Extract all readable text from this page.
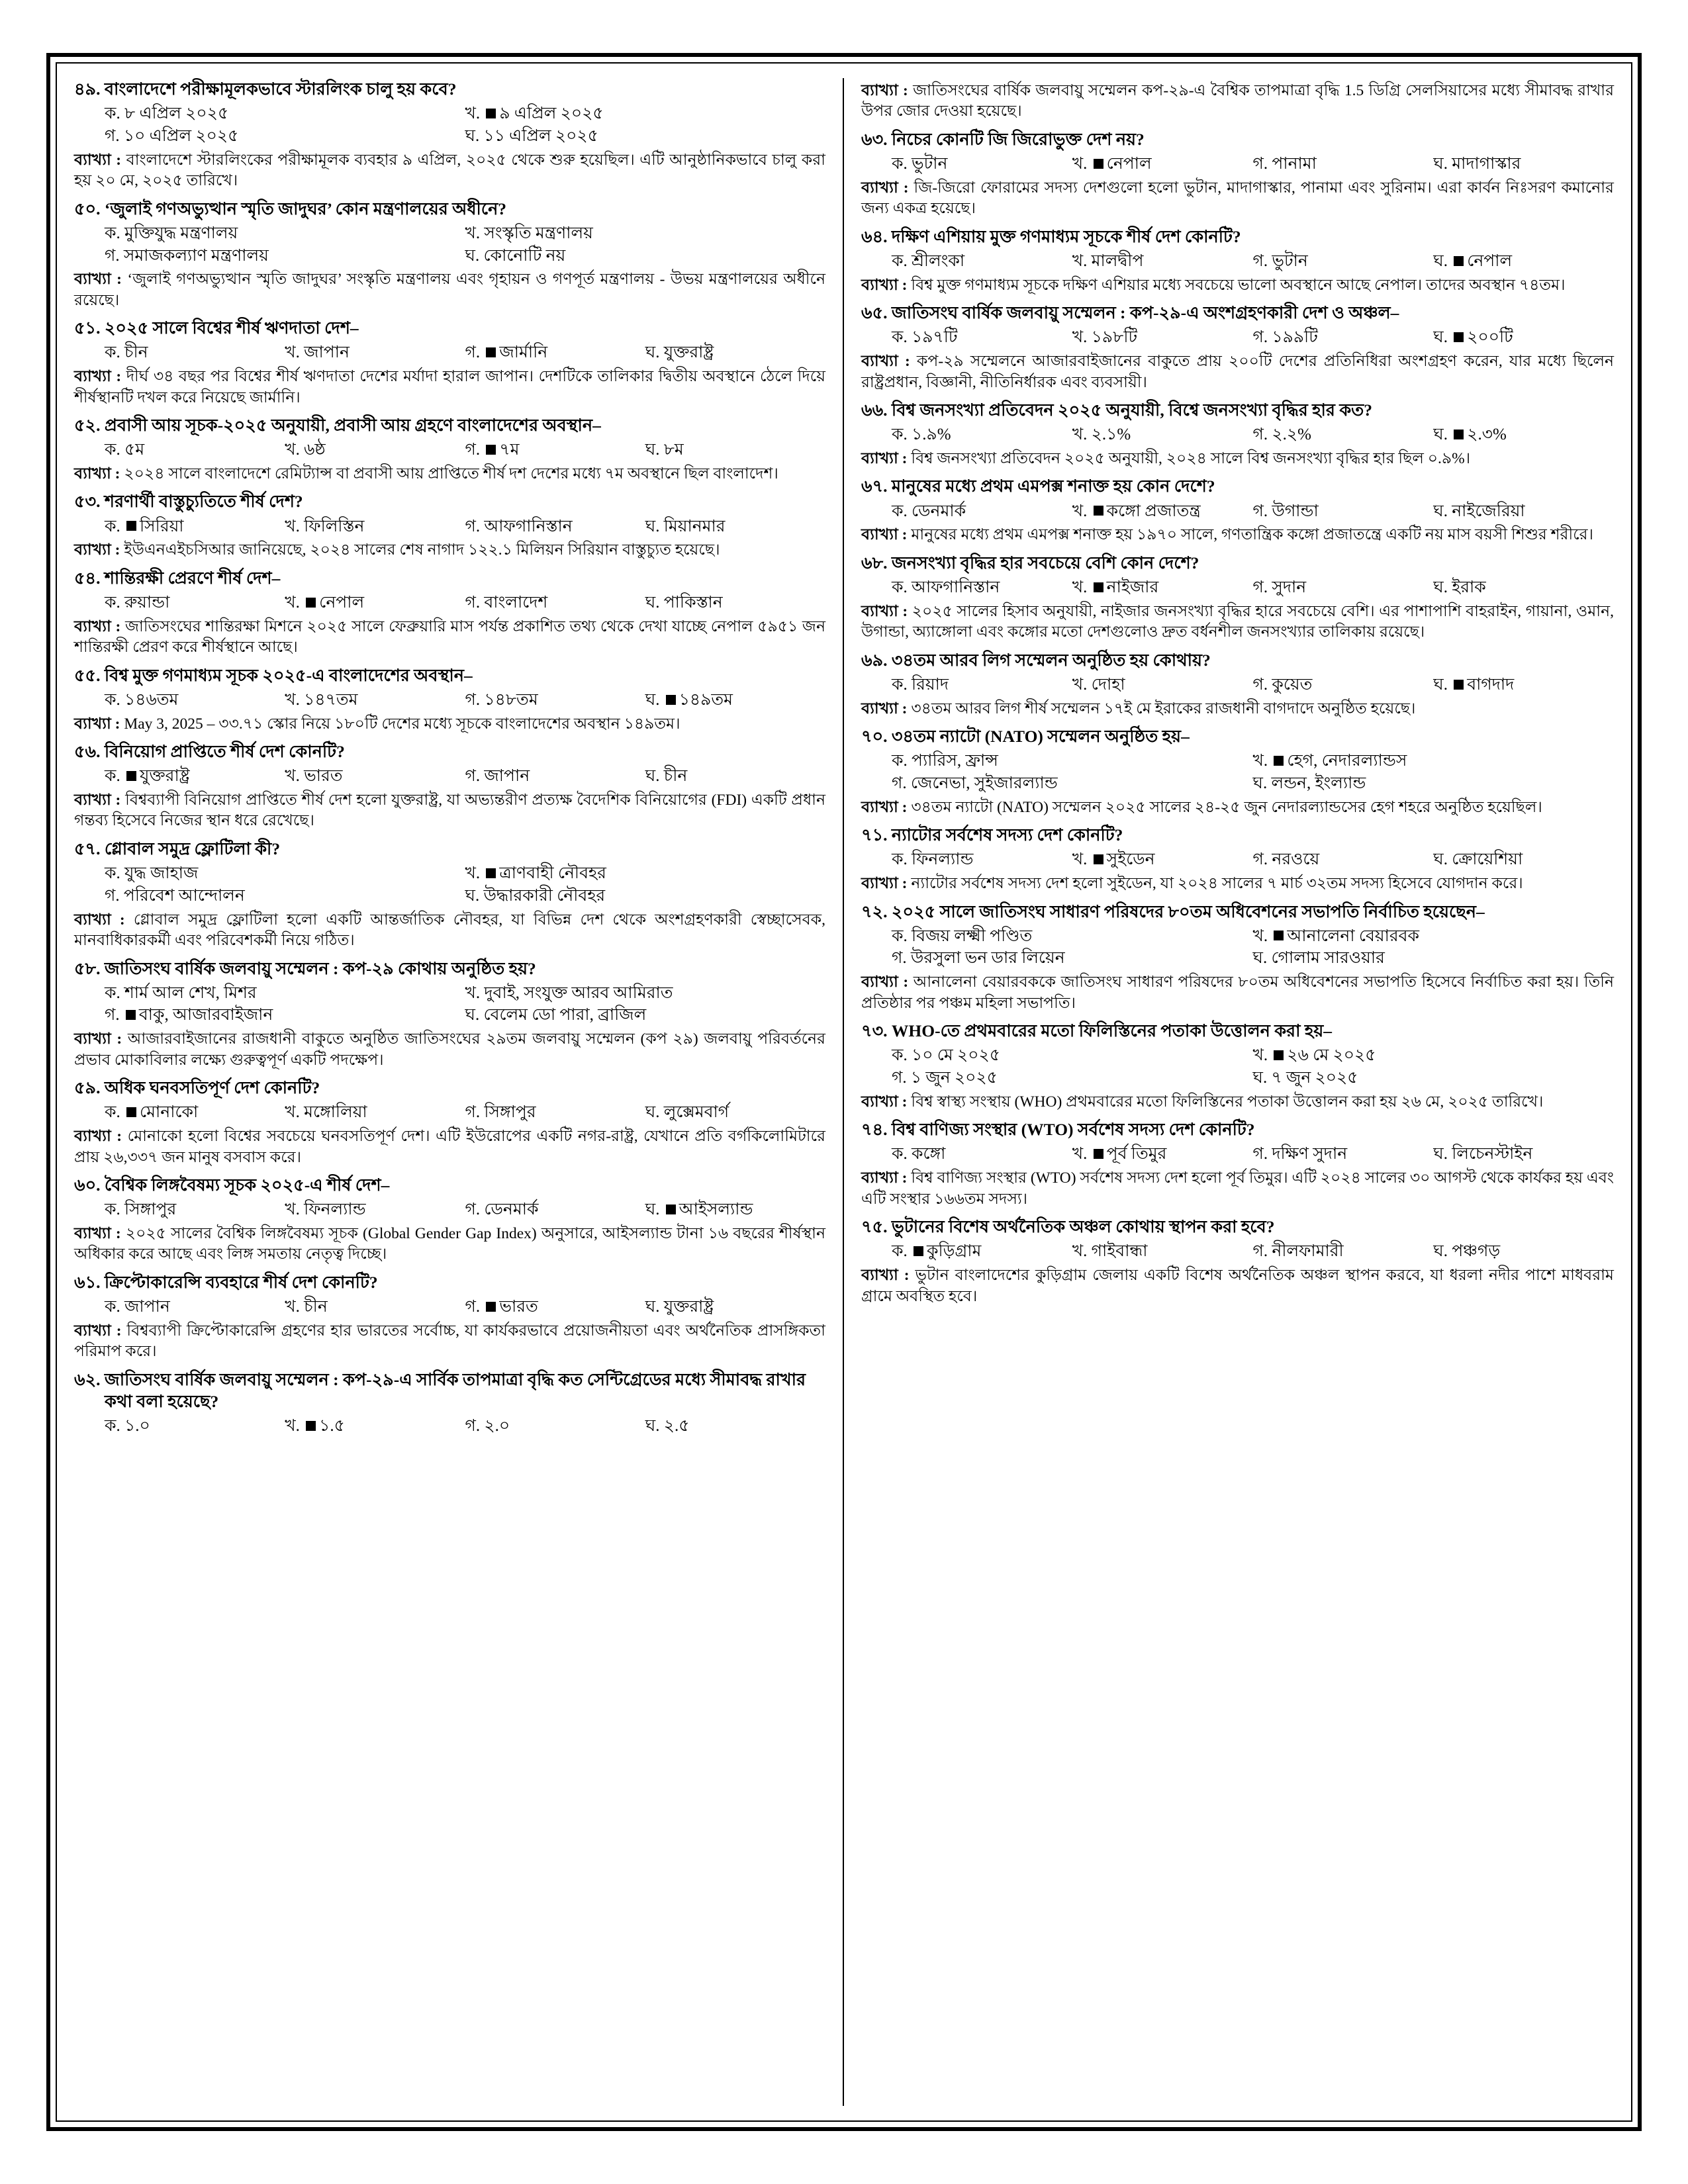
৪৯. বাংলাদেশে পরীক্ষামূলকভাবে স্টারলিংক চালু হয় কবে?
ক. ৮ এপ্রিল ২০২৫	খ. ৯ এপ্রিল ২০২৫
গ. ১০ এপ্রিল ২০২৫	ঘ. ১১ এপ্রিল ২০২৫
ব্যাখ্যা : বাংলাদেশে স্টারলিংকের পরীক্ষামূলক ব্যবহার ৯ এপ্রিল, ২০২৫ থেকে শুরু হয়েছিল। এটি আনুষ্ঠানিকভাবে চালু করা হয় ২০ মে, ২০২৫ তারিখে।
৫০. ‘জুলাই গণঅভ্যুত্থান স্মৃতি জাদুঘর’ কোন মন্ত্রণালয়ের অধীনে?
ক. মুক্তিযুদ্ধ মন্ত্রণালয়	খ. সংস্কৃতি মন্ত্রণালয়
গ. সমাজকল্যাণ মন্ত্রণালয়	ঘ. কোনোটি নয়
ব্যাখ্যা : ‘জুলাই গণঅভ্যুত্থান স্মৃতি জাদুঘর’ সংস্কৃতি মন্ত্রণালয় এবং গৃহায়ন ও গণপূর্ত মন্ত্রণালয় - উভয় মন্ত্রণালয়ের অধীনে রয়েছে।
৫১. ২০২৫ সালে বিশ্বের শীর্ষ ঋণদাতা দেশ–
ক. চীন	খ. জাপান	গ. জার্মানি	ঘ. যুক্তরাষ্ট্র
ব্যাখ্যা : দীর্ঘ ৩৪ বছর পর বিশ্বের শীর্ষ ঋণদাতা দেশের মর্যাদা হারাল জাপান। দেশটিকে তালিকার দ্বিতীয় অবস্থানে ঠেলে দিয়ে শীর্ষস্থানটি দখল করে নিয়েছে জার্মানি।
৫২. প্রবাসী আয় সূচক-২০২৫ অনুযায়ী, প্রবাসী আয় গ্রহণে বাংলাদেশের অবস্থান–
ক. ৫ম	খ. ৬ষ্ঠ	গ. ৭ম	ঘ. ৮ম
ব্যাখ্যা : ২০২৪ সালে বাংলাদেশে রেমিট্যান্স বা প্রবাসী আয় প্রাপ্তিতে শীর্ষ দশ দেশের মধ্যে ৭ম অবস্থানে ছিল বাংলাদেশ।
৫৩. শরণার্থী বাস্তুচ্যুতিতে শীর্ষ দেশ?
ক. সিরিয়া	খ. ফিলিস্তিন	গ. আফগানিস্তান	ঘ. মিয়ানমার
ব্যাখ্যা : ইউএনএইচসিআর জানিয়েছে, ২০২৪ সালের শেষ নাগাদ ১২২.১ মিলিয়ন সিরিয়ান বাস্তুচ্যুত হয়েছে।
৫৪. শান্তিরক্ষী প্রেরণে শীর্ষ দেশ–
ক. রুয়ান্ডা	খ. নেপাল	গ. বাংলাদেশ	ঘ. পাকিস্তান
ব্যাখ্যা : জাতিসংঘের শান্তিরক্ষা মিশনে ২০২৫ সালে ফেব্রুয়ারি মাস পর্যন্ত প্রকাশিত তথ্য থেকে দেখা যাচ্ছে নেপাল ৫৯৫১ জন শান্তিরক্ষী প্রেরণ করে শীর্ষস্থানে আছে।
৫৫. বিশ্ব মুক্ত গণমাধ্যম সূচক ২০২৫-এ বাংলাদেশের অবস্থান–
ক. ১৪৬তম	খ. ১৪৭তম	গ. ১৪৮তম	ঘ. ১৪৯তম
ব্যাখ্যা : May 3, 2025 – ৩৩.৭১ স্কোর নিয়ে ১৮০টি দেশের মধ্যে সূচকে বাংলাদেশের অবস্থান ১৪৯তম।
৫৬. বিনিয়োগ প্রাপ্তিতে শীর্ষ দেশ কোনটি?
ক. যুক্তরাষ্ট্র	খ. ভারত	গ. জাপান	ঘ. চীন
ব্যাখ্যা : বিশ্বব্যাপী বিনিয়োগ প্রাপ্তিতে শীর্ষ দেশ হলো যুক্তরাষ্ট্র, যা অভ্যন্তরীণ প্রত্যক্ষ বৈদেশিক বিনিয়োগের (FDI) একটি প্রধান গন্তব্য হিসেবে নিজের স্থান ধরে রেখেছে।
৫৭. গ্লোবাল সমুদ্র ফ্লোটিলা কী?
ক. যুদ্ধ জাহাজ	খ. ত্রাণবাহী নৌবহর
গ. পরিবেশ আন্দোলন	ঘ. উদ্ধারকারী নৌবহর
ব্যাখ্যা : গ্লোবাল সমুদ্র ফ্লোটিলা হলো একটি আন্তর্জাতিক নৌবহর, যা বিভিন্ন দেশ থেকে অংশগ্রহণকারী স্বেচ্ছাসেবক, মানবাধিকারকর্মী এবং পরিবেশকর্মী নিয়ে গঠিত।
৫৮. জাতিসংঘ বার্ষিক জলবায়ু সম্মেলন : কপ-২৯ কোথায় অনুষ্ঠিত হয়?
ক. শার্ম আল শেখ, মিশর	খ. দুবাই, সংযুক্ত আরব আমিরাত
গ. বাকু, আজারবাইজান	ঘ. বেলেম ডো পারা, ব্রাজিল
ব্যাখ্যা : আজারবাইজানের রাজধানী বাকুতে অনুষ্ঠিত জাতিসংঘের ২৯তম জলবায়ু সম্মেলন (কপ ২৯) জলবায়ু পরিবর্তনের প্রভাব মোকাবিলার লক্ষ্যে গুরুত্বপূর্ণ একটি পদক্ষেপ।
৫৯. অধিক ঘনবসতিপূর্ণ দেশ কোনটি?
ক. মোনাকো	খ. মঙ্গোলিয়া	গ. সিঙ্গাপুর	ঘ. লুক্সেমবার্গ
ব্যাখ্যা : মোনাকো হলো বিশ্বের সবচেয়ে ঘনবসতিপূর্ণ দেশ। এটি ইউরোপের একটি নগর-রাষ্ট্র, যেখানে প্রতি বর্গকিলোমিটারে প্রায় ২৬,৩৩৭ জন মানুষ বসবাস করে।
৬০. বৈশ্বিক লিঙ্গবৈষম্য সূচক ২০২৫-এ শীর্ষ দেশ–
ক. সিঙ্গাপুর	খ. ফিনল্যান্ড	গ. ডেনমার্ক	ঘ. আইসল্যান্ড
ব্যাখ্যা : ২০২৫ সালের বৈশ্বিক লিঙ্গবৈষম্য সূচক (Global Gender Gap Index) অনুসারে, আইসল্যান্ড টানা ১৬ বছরের শীর্ষস্থান অধিকার করে আছে এবং লিঙ্গ সমতায় নেতৃত্ব দিচ্ছে।
৬১. ক্রিপ্টোকারেন্সি ব্যবহারে শীর্ষ দেশ কোনটি?
ক. জাপান	খ. চীন	গ. ভারত	ঘ. যুক্তরাষ্ট্র
ব্যাখ্যা : বিশ্বব্যাপী ক্রিপ্টোকারেন্সি গ্রহণের হার ভারতের সর্বোচ্চ, যা কার্যকরভাবে প্রয়োজনীয়তা এবং অর্থনৈতিক প্রাসঙ্গিকতা পরিমাপ করে।
৬২. জাতিসংঘ বার্ষিক জলবায়ু সম্মেলন : কপ-২৯-এ সার্বিক তাপমাত্রা বৃদ্ধি কত সেন্টিগ্রেডের মধ্যে সীমাবদ্ধ রাখার কথা বলা হয়েছে?
ক. ১.০	খ. ১.৫	গ. ২.০	ঘ. ২.৫
ব্যাখ্যা : জাতিসংঘের বার্ষিক জলবায়ু সম্মেলন কপ-২৯-এ বৈশ্বিক তাপমাত্রা বৃদ্ধি 1.5 ডিগ্রি সেলসিয়াসের মধ্যে সীমাবদ্ধ রাখার উপর জোর দেওয়া হয়েছে।
৬৩. নিচের কোনটি জি জিরোভুক্ত দেশ নয়?
ক. ভুটান	খ. নেপাল	গ. পানামা	ঘ. মাদাগাস্কার
ব্যাখ্যা : জি-জিরো ফোরামের সদস্য দেশগুলো হলো ভুটান, মাদাগাস্কার, পানামা এবং সুরিনাম। এরা কার্বন নিঃসরণ কমানোর জন্য একত্র হয়েছে।
৬৪. দক্ষিণ এশিয়ায় মুক্ত গণমাধ্যম সূচকে শীর্ষ দেশ কোনটি?
ক. শ্রীলংকা	খ. মালদ্বীপ	গ. ভুটান	ঘ. নেপাল
ব্যাখ্যা : বিশ্ব মুক্ত গণমাধ্যম সূচকে দক্ষিণ এশিয়ার মধ্যে সবচেয়ে ভালো অবস্থানে আছে নেপাল। তাদের অবস্থান ৭৪তম।
৬৫. জাতিসংঘ বার্ষিক জলবায়ু সম্মেলন : কপ-২৯-এ অংশগ্রহণকারী দেশ ও অঞ্চল–
ক. ১৯৭টি	খ. ১৯৮টি	গ. ১৯৯টি	ঘ. ২০০টি
ব্যাখ্যা : কপ-২৯ সম্মেলনে আজারবাইজানের বাকুতে প্রায় ২০০টি দেশের প্রতিনিধিরা অংশগ্রহণ করেন, যার মধ্যে ছিলেন রাষ্ট্রপ্রধান, বিজ্ঞানী, নীতিনির্ধারক এবং ব্যবসায়ী।
৬৬. বিশ্ব জনসংখ্যা প্রতিবেদন ২০২৫ অনুযায়ী, বিশ্বে জনসংখ্যা বৃদ্ধির হার কত?
ক. ১.৯%	খ. ২.১%	গ. ২.২%	ঘ. ২.৩%
ব্যাখ্যা : বিশ্ব জনসংখ্যা প্রতিবেদন ২০২৫ অনুযায়ী, ২০২৪ সালে বিশ্ব জনসংখ্যা বৃদ্ধির হার ছিল ০.৯%।
৬৭. মানুষের মধ্যে প্রথম এমপক্স শনাক্ত হয় কোন দেশে?
ক. ডেনমার্ক	খ. কঙ্গো প্রজাতন্ত্র	গ. উগান্ডা	ঘ. নাইজেরিয়া
ব্যাখ্যা : মানুষের মধ্যে প্রথম এমপক্স শনাক্ত হয় ১৯৭০ সালে, গণতান্ত্রিক কঙ্গো প্রজাতন্ত্রে একটি নয় মাস বয়সী শিশুর শরীরে।
৬৮. জনসংখ্যা বৃদ্ধির হার সবচেয়ে বেশি কোন দেশে?
ক. আফগানিস্তান	খ. নাইজার	গ. সুদান	ঘ. ইরাক
ব্যাখ্যা : ২০২৫ সালের হিসাব অনুযায়ী, নাইজার জনসংখ্যা বৃদ্ধির হারে সবচেয়ে বেশি। এর পাশাপাশি বাহরাইন, গায়ানা, ওমান, উগান্ডা, অ্যাঙ্গোলা এবং কঙ্গোর মতো দেশগুলোও দ্রুত বর্ধনশীল জনসংখ্যার তালিকায় রয়েছে।
৬৯. ৩৪তম আরব লিগ সম্মেলন অনুষ্ঠিত হয় কোথায়?
ক. রিয়াদ	খ. দোহা	গ. কুয়েত	ঘ. বাগদাদ
ব্যাখ্যা : ৩৪তম আরব লিগ শীর্ষ সম্মেলন ১৭ই মে ইরাকের রাজধানী বাগদাদে অনুষ্ঠিত হয়েছে।
৭০. ৩৪তম ন্যাটো (NATO) সম্মেলন অনুষ্ঠিত হয়–
ক. প্যারিস, ফ্রান্স	খ. হেগ, নেদারল্যান্ডস
গ. জেনেভা, সুইজারল্যান্ড	ঘ. লন্ডন, ইংল্যান্ড
ব্যাখ্যা : ৩৪তম ন্যাটো (NATO) সম্মেলন ২০২৫ সালের ২৪-২৫ জুন নেদারল্যান্ডসের হেগ শহরে অনুষ্ঠিত হয়েছিল।
৭১. ন্যাটোর সর্বশেষ সদস্য দেশ কোনটি?
ক. ফিনল্যান্ড	খ. সুইডেন	গ. নরওয়ে	ঘ. ক্রোয়েশিয়া
ব্যাখ্যা : ন্যাটোর সর্বশেষ সদস্য দেশ হলো সুইডেন, যা ২০২৪ সালের ৭ মার্চ ৩২তম সদস্য হিসেবে যোগদান করে।
৭২. ২০২৫ সালে জাতিসংঘ সাধারণ পরিষদের ৮০তম অধিবেশনের সভাপতি নির্বাচিত হয়েছেন–
ক. বিজয় লক্ষ্মী পণ্ডিত	খ. আনালেনা বেয়ারবক
গ. উরসুলা ভন ডার লিয়েন	ঘ. গোলাম সারওয়ার
ব্যাখ্যা : আনালেনা বেয়ারবককে জাতিসংঘ সাধারণ পরিষদের ৮০তম অধিবেশনের সভাপতি হিসেবে নির্বাচিত করা হয়। তিনি প্রতিষ্ঠার পর পঞ্চম মহিলা সভাপতি।
৭৩. WHO-তে প্রথমবারের মতো ফিলিস্তিনের পতাকা উত্তোলন করা হয়–
ক. ১০ মে ২০২৫	খ. ২৬ মে ২০২৫
গ. ১ জুন ২০২৫	ঘ. ৭ জুন ২০২৫
ব্যাখ্যা : বিশ্ব স্বাস্থ্য সংস্থায় (WHO) প্রথমবারের মতো ফিলিস্তিনের পতাকা উত্তোলন করা হয় ২৬ মে, ২০২৫ তারিখে।
৭৪. বিশ্ব বাণিজ্য সংস্থার (WTO) সর্বশেষ সদস্য দেশ কোনটি?
ক. কঙ্গো	খ. পূর্ব তিমুর	গ. দক্ষিণ সুদান	ঘ. লিচেনস্টাইন
ব্যাখ্যা : বিশ্ব বাণিজ্য সংস্থার (WTO) সর্বশেষ সদস্য দেশ হলো পূর্ব তিমুর। এটি ২০২৪ সালের ৩০ আগস্ট থেকে কার্যকর হয় এবং এটি সংস্থার ১৬৬তম সদস্য।
৭৫. ভুটানের বিশেষ অর্থনৈতিক অঞ্চল কোথায় স্থাপন করা হবে?
ক. কুড়িগ্রাম	খ. গাইবান্ধা	গ. নীলফামারী	ঘ. পঞ্চগড়
ব্যাখ্যা : ভুটান বাংলাদেশের কুড়িগ্রাম জেলায় একটি বিশেষ অর্থনৈতিক অঞ্চল স্থাপন করবে, যা ধরলা নদীর পাশে মাধবরাম গ্রামে অবস্থিত হবে।
